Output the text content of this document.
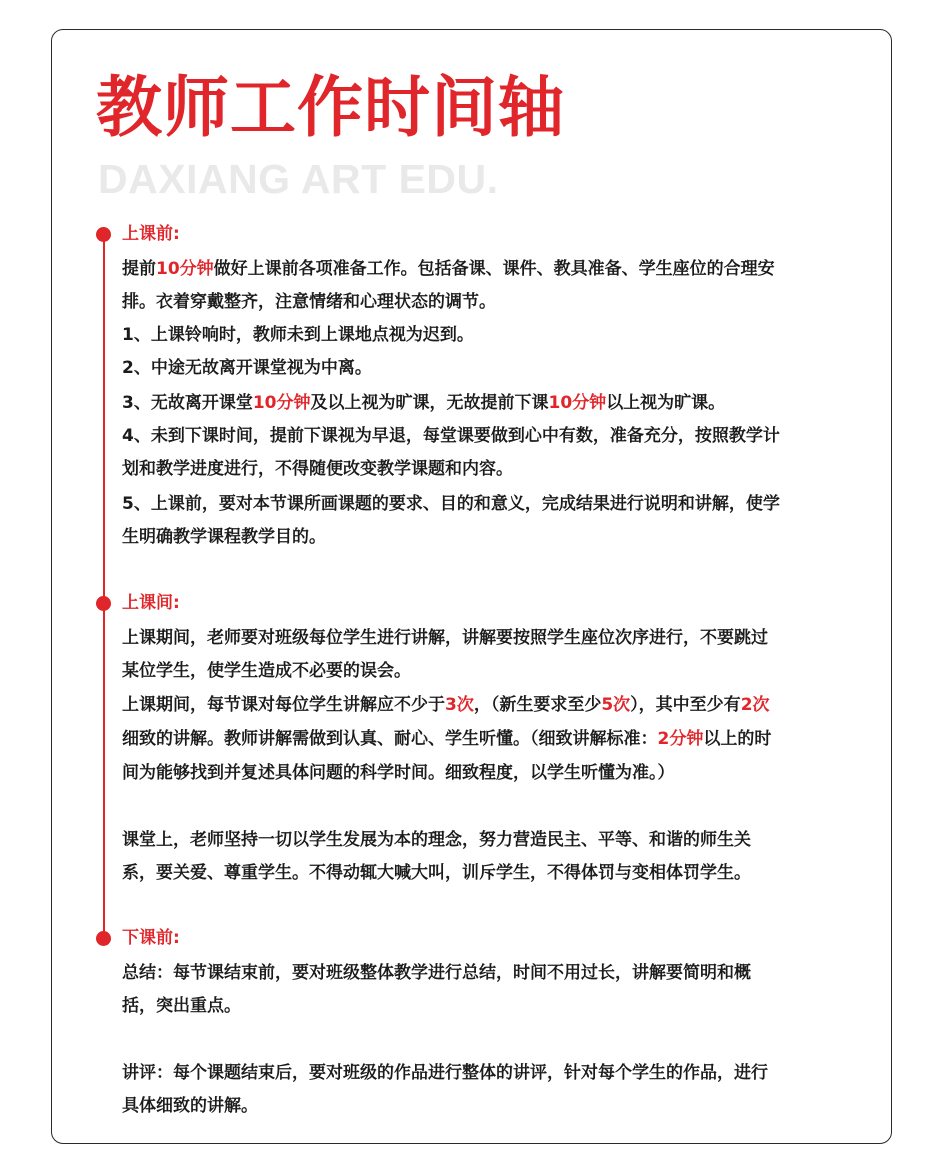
教师工作时间轴
DAXIANG ART EDU.
上课前:
上课间:
下课前:
提前10分钟做好上课前各项准备工作。包括备课、课件、教具准备、学生座位的合理安
排。衣着穿戴整齐，注意情绪和心理状态的调节。
1、上课铃响时，教师未到上课地点视为迟到。
2、中途无故离开课堂视为中离。
3、无故离开课堂10分钟及以上视为旷课，无故提前下课10分钟以上视为旷课。
4、未到下课时间，提前下课视为早退，每堂课要做到心中有数，准备充分，按照教学计
划和教学进度进行，不得随便改变教学课题和内容。
5、上课前，要对本节课所画课题的要求、目的和意义，完成结果进行说明和讲解，使学
生明确教学课程教学目的。
上课期间，老师要对班级每位学生进行讲解，讲解要按照学生座位次序进行，不要跳过
某位学生，使学生造成不必要的误会。
上课期间，每节课对每位学生讲解应不少于3次，（新生要求至少5次），其中至少有2次
细致的讲解。教师讲解需做到认真、耐心、学生听懂。（细致讲解标准：2分钟以上的时
间为能够找到并复述具体问题的科学时间。细致程度，以学生听懂为准。）
课堂上，老师坚持一切以学生发展为本的理念，努力营造民主、平等、和谐的师生关
系，要关爱、尊重学生。不得动辄大喊大叫，训斥学生，不得体罚与变相体罚学生。
总结：每节课结束前，要对班级整体教学进行总结，时间不用过长，讲解要简明和概
括，突出重点。
讲评：每个课题结束后，要对班级的作品进行整体的讲评，针对每个学生的作品，进行
具体细致的讲解。
